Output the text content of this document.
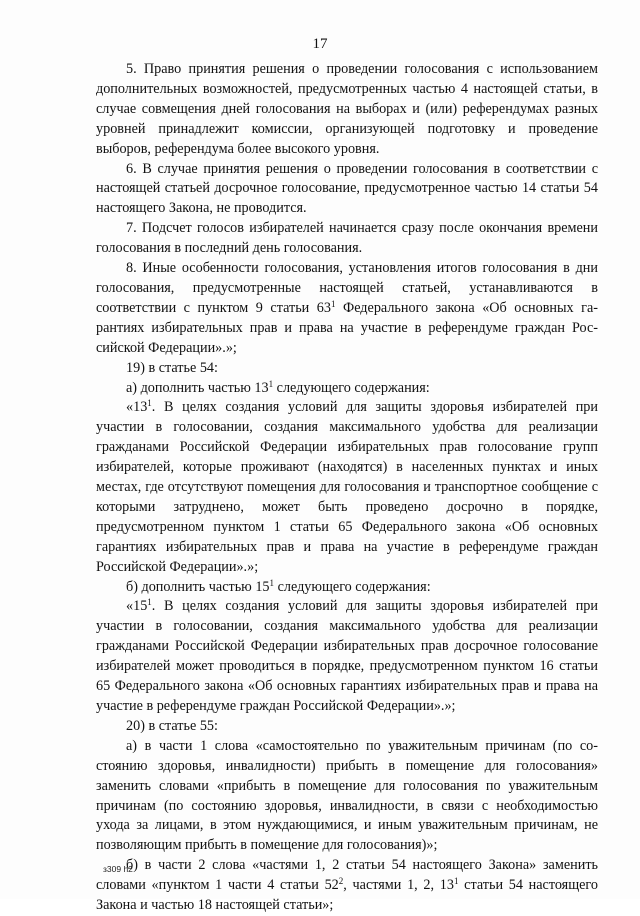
17

5. Право принятия решения о проведении голосования с использованием дополнительных возможностей, предусмотренных частью 4 настоящей статьи, в случае совмещения дней голосования на выборах и (или) референдумах разных уровней принадлежит комиссии, организующей подготовку и проведение выборов, референдума более высокого уровня.

6. В случае принятия решения о проведении голосования в соответствии с настоящей статьей досрочное голосование, предусмотренное частью 14 статьи 54 настоящего Закона, не проводится.

7. Подсчет голосов избирателей начинается сразу после окончания времени голосования в последний день голосования.

8. Иные особенности голосования, установления итогов голосования в дни голосования, предусмотренные настоящей статьей, устанавливаются в соответствии с пунктом 9 статьи $63^1$ Федерального закона «Об основных гарантиях избирательных прав и права на участие в референдуме граждан Российской Федерации».»;

19) в статье 54:

а) дополнить частью $13^1$ следующего содержания:

«$13^1$. В целях создания условий для защиты здоровья избирателей при участии в голосовании, создания максимального удобства для реализации гражданами Российской Федерации избирательных прав голосование групп избирателей, которые проживают (находятся) в населенных пунктах и иных местах, где отсутствуют помещения для голосования и транспортное сообщение с которыми затруднено, может быть проведено досрочно в порядке, предусмотренном пунктом 1 статьи 65 Федерального закона «Об основных гарантиях избирательных прав и права на участие в референдуме граждан Российской Федерации».»;

б) дополнить частью $15^1$ следующего содержания:

«$15^1$. В целях создания условий для защиты здоровья избирателей при участии в голосовании, создания максимального удобства для реализации гражданами Российской Федерации избирательных прав досрочное голосование избирателей может проводиться в порядке, предусмотренном пунктом 16 статьи 65 Федерального закона «Об основных гарантиях избирательных прав и права на участие в референдуме граждан Российской Федерации».»;

20) в статье 55:

а) в части 1 слова «самостоятельно по уважительным причинам (по состоянию здоровья, инвалидности) прибыть в помещение для голосования» заменить словами «прибыть в помещение для голосования по уважительным причинам (по состоянию здоровья, инвалидности, в связи с необходимостью ухода за лицами, в этом нуждающимися, и иным уважительным причинам, не позволяющим прибыть в помещение для голосования)»;

б) в части 2 слова «частями 1, 2 статьи 54 настоящего Закона» заменить словами «пунктом 1 части 4 статьи $52^2$, частями 1, 2, $13^1$ статьи 54 настоящего Закона и частью 18 настоящей статьи»;

з309 h2
